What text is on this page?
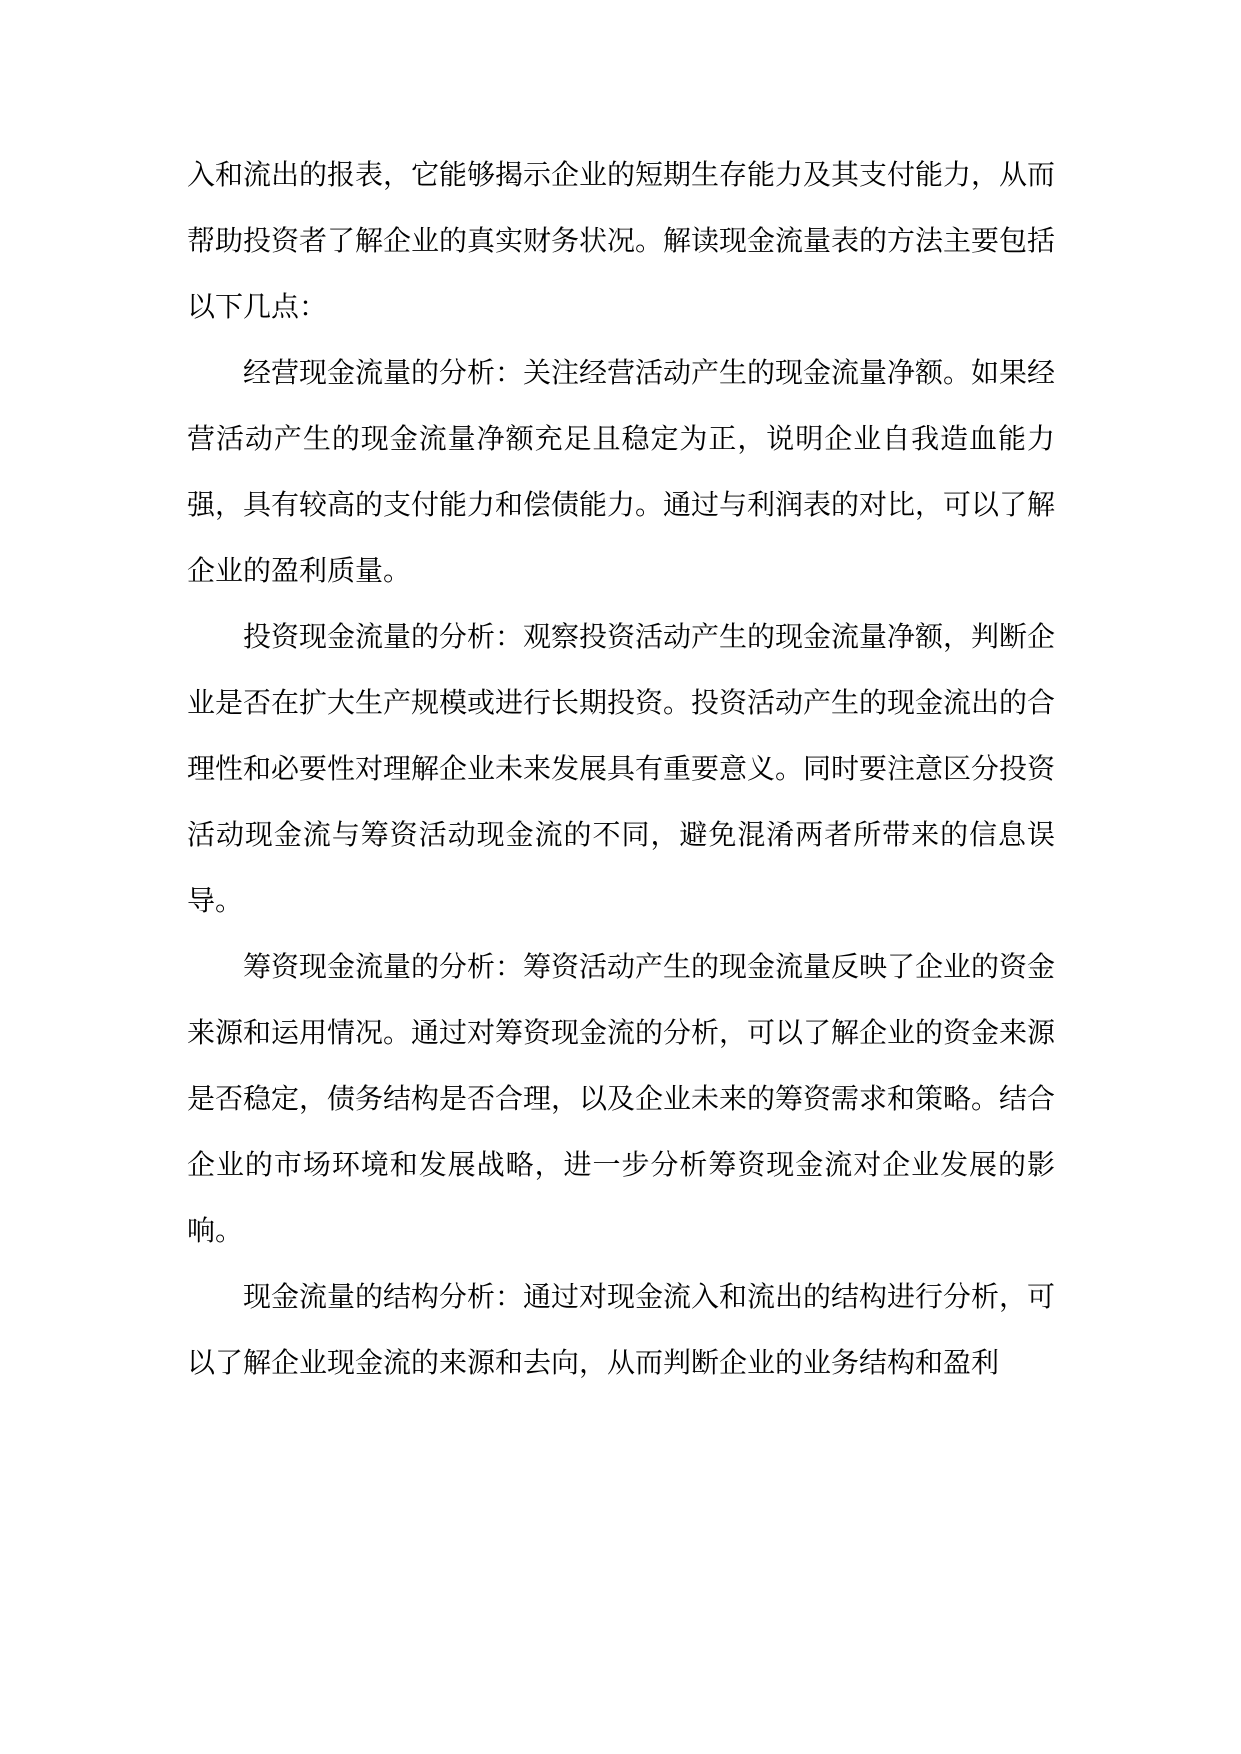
入和流出的报表，它能够揭示企业的短期生存能力及其支付能力，从而帮助投资者了解企业的真实财务状况。解读现金流量表的方法主要包括以下几点：

经营现金流量的分析：关注经营活动产生的现金流量净额。如果经营活动产生的现金流量净额充足且稳定为正，说明企业自我造血能力强，具有较高的支付能力和偿债能力。通过与利润表的对比，可以了解企业的盈利质量。

投资现金流量的分析：观察投资活动产生的现金流量净额，判断企业是否在扩大生产规模或进行长期投资。投资活动产生的现金流出的合理性和必要性对理解企业未来发展具有重要意义。同时要注意区分投资活动现金流与筹资活动现金流的不同，避免混淆两者所带来的信息误导。

筹资现金流量的分析：筹资活动产生的现金流量反映了企业的资金来源和运用情况。通过对筹资现金流的分析，可以了解企业的资金来源是否稳定，债务结构是否合理，以及企业未来的筹资需求和策略。结合企业的市场环境和发展战略，进一步分析筹资现金流对企业发展的影响。

现金流量的结构分析：通过对现金流入和流出的结构进行分析，可以了解企业现金流的来源和去向，从而判断企业的业务结构和盈利
